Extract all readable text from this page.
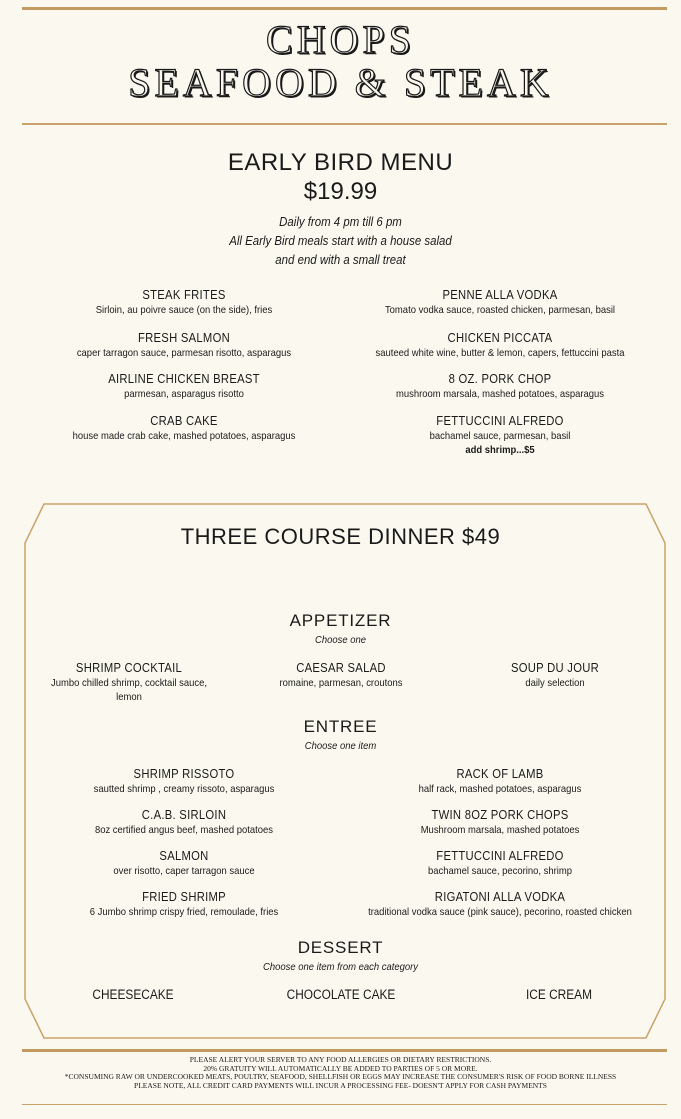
CHOPS
SEAFOOD & STEAK
EARLY BIRD MENU
$19.99
Daily from 4 pm till 6 pm
All Early Bird meals start with a house salad
and end with a small treat
STEAK FRITES
Sirloin, au poivre sauce (on the side), fries
FRESH SALMON
caper tarragon sauce, parmesan risotto, asparagus
AIRLINE CHICKEN BREAST
parmesan, asparagus risotto
CRAB CAKE
house made crab cake, mashed potatoes, asparagus
PENNE ALLA VODKA
Tomato vodka sauce, roasted chicken, parmesan, basil
CHICKEN PICCATA
sauteed white wine, butter & lemon, capers, fettuccini pasta
8 OZ. PORK CHOP
mushroom marsala, mashed potatoes, asparagus
FETTUCCINI ALFREDO
bachamel sauce, parmesan, basil
add shrimp...$5
THREE COURSE DINNER $49
APPETIZER
Choose one
SHRIMP COCKTAIL
Jumbo chilled shrimp, cocktail sauce,
lemon
CAESAR SALAD
romaine, parmesan, croutons
SOUP DU JOUR
daily selection
ENTREE
Choose one item
SHRIMP RISSOTO
sautted shrimp , creamy rissoto, asparagus
C.A.B. SIRLOIN
8oz certified angus beef, mashed potatoes
SALMON
over risotto, caper tarragon sauce
FRIED SHRIMP
6 Jumbo shrimp crispy fried, remoulade, fries
RACK OF LAMB
half rack, mashed potatoes, asparagus
TWIN 8OZ PORK CHOPS
Mushroom marsala, mashed potatoes
FETTUCCINI ALFREDO
bachamel sauce, pecorino, shrimp
RIGATONI ALLA VODKA
traditional vodka sauce (pink sauce), pecorino, roasted chicken
DESSERT
Choose one item from each category
CHEESECAKE	CHOCOLATE CAKE	ICE CREAM
PLEASE ALERT YOUR SERVER TO ANY FOOD ALLERGIES OR DIETARY RESTRICTIONS.
20% GRATUITY WILL AUTOMATICALLY BE ADDED TO PARTIES OF 5 OR MORE.
*CONSUMING RAW OR UNDERCOOKED MEATS, POULTRY, SEAFOOD, SHELLFISH OR EGGS MAY INCREASE THE CONSUMER'S RISK OF FOOD BORNE ILLNESS
PLEASE NOTE, ALL CREDIT CARD PAYMENTS WILL INCUR A PROCESSING FEE- DOESN'T APPLY FOR CASH PAYMENTS
